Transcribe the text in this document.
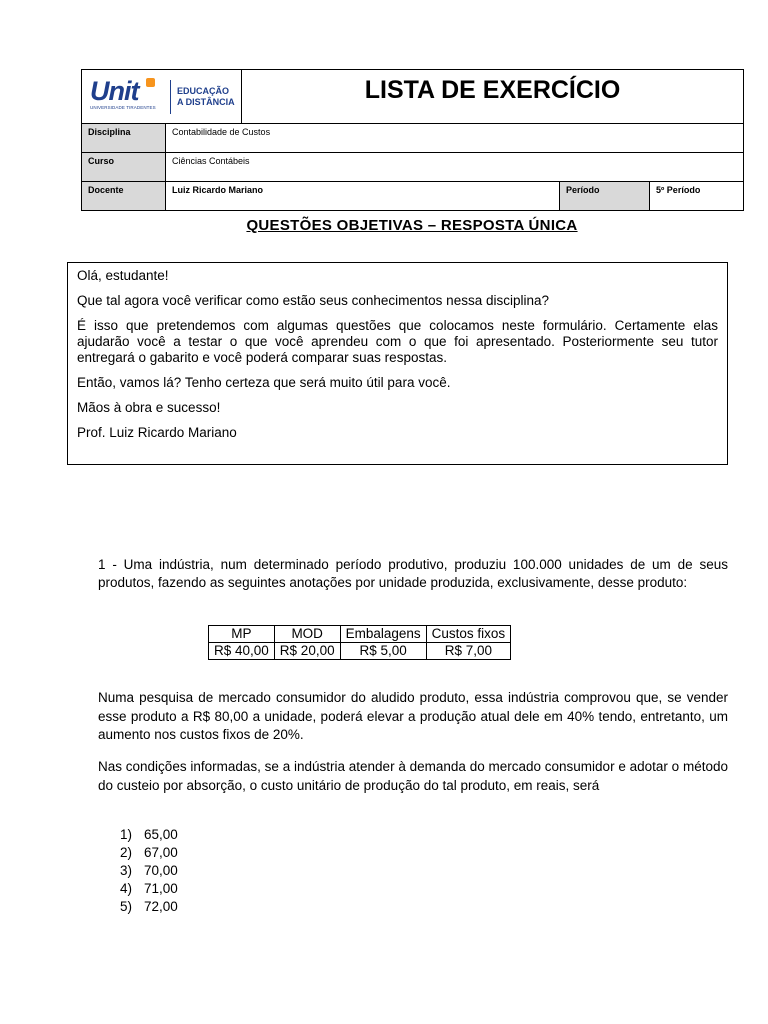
Unit
UNIVERSIDADE TIRADENTES
EDUCAÇÃO
A DISTÂNCIA		LISTA DE EXERCÍCIO		
Disciplina	Contabilidade de Custos			
Curso	Ciências Contábeis			
Docente	Luiz Ricardo Mariano		Período	5º Período
QUESTÕES OBJETIVAS – RESPOSTA ÚNICA

Olá, estudante!

Que tal agora você verificar como estão seus conhecimentos nessa disciplina?

É isso que pretendemos com algumas questões que colocamos neste formulário. Certamente elas ajudarão você a testar o que você aprendeu com o que foi apresentado. Posteriormente seu tutor entregará o gabarito e você poderá comparar suas respostas.

Então, vamos lá? Tenho certeza que será muito útil para você.

Mãos à obra e sucesso!

Prof. Luiz Ricardo Mariano

1 - Uma indústria, num determinado período produtivo, produziu 100.000 unidades de um de seus produtos, fazendo as seguintes anotações por unidade produzida, exclusivamente, desse produto:

MP	MOD	Embalagens	Custos fixos
R$ 40,00	R$ 20,00	R$ 5,00	R$ 7,00

Numa pesquisa de mercado consumidor do aludido produto, essa indústria comprovou que, se vender esse produto a R$ 80,00 a unidade, poderá elevar a produção atual dele em 40% tendo, entretanto, um aumento nos custos fixos de 20%.

Nas condições informadas, se a indústria atender à demanda do mercado consumidor e adotar o método do custeio por absorção, o custo unitário de produção do tal produto, em reais, será

1) 65,00
2) 67,00
3) 70,00
4) 71,00
5) 72,00
